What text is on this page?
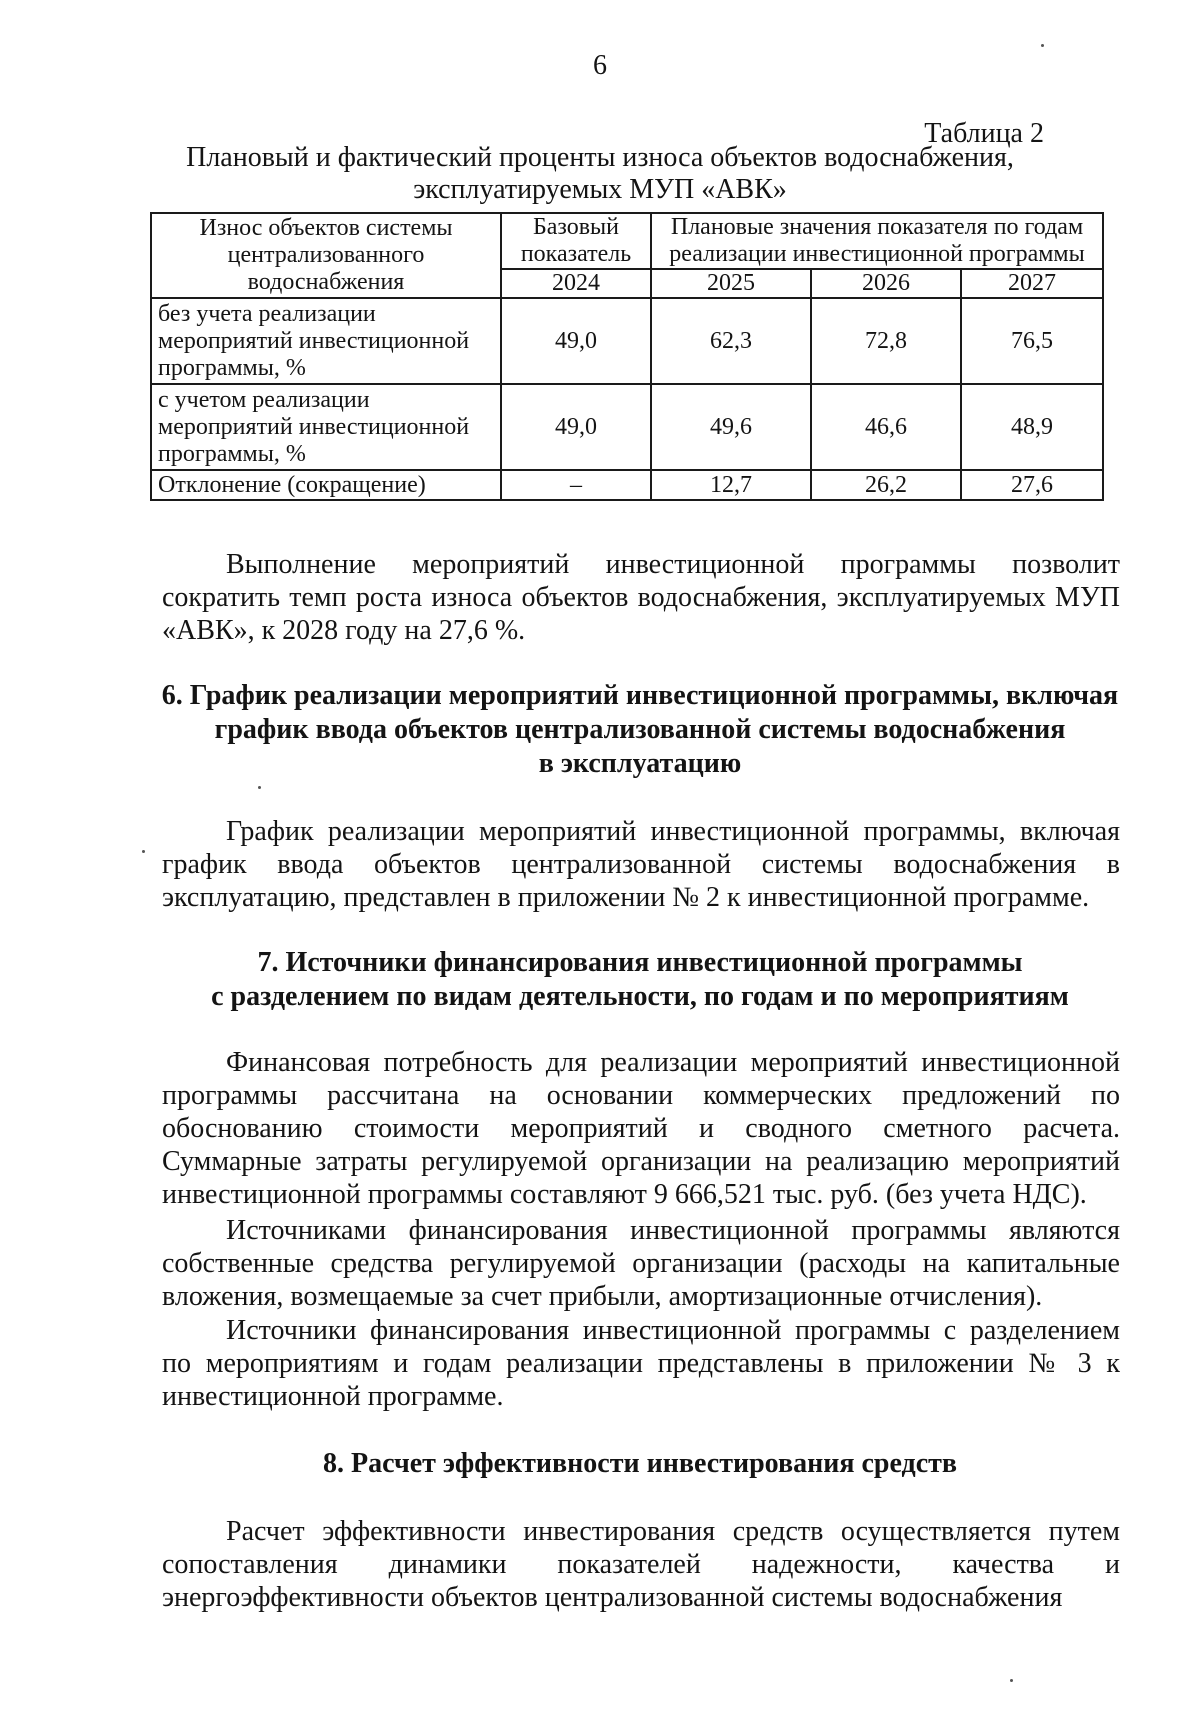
6
Таблица 2
Плановый и фактический проценты износа объектов водоснабжения,
эксплуатируемых МУП «АВК»
Износ объектов системы централизованного водоснабжения	Базовый показатель	Плановые значения показателя по годам реализации инвестиционной программы		
	2024	2025	2026	2027
без учета реализации мероприятий инвестиционной программы, %	49,0	62,3	72,8	76,5
с учетом реализации мероприятий инвестиционной программы, %	49,0	49,6	46,6	48,9
Отклонение (сокращение)	–	12,7	26,2	27,6
Выполнение мероприятий инвестиционной программы позволит сократить темп роста износа объектов водоснабжения, эксплуатируемых МУП «АВК», к 2028 году на 27,6 %.
6. График реализации мероприятий инвестиционной программы, включая
график ввода объектов централизованной системы водоснабжения
в эксплуатацию
График реализации мероприятий инвестиционной программы, включая график ввода объектов централизованной системы водоснабжения в эксплуатацию, представлен в приложении № 2 к инвестиционной программе.
7. Источники финансирования инвестиционной программы
с разделением по видам деятельности, по годам и по мероприятиям
Финансовая потребность для реализации мероприятий инвестиционной программы рассчитана на основании коммерческих предложений по обоснованию стоимости мероприятий и сводного сметного расчета. Суммарные затраты регулируемой организации на реализацию мероприятий инвестиционной программы составляют 9 666,521 тыс. руб. (без учета НДС).
Источниками финансирования инвестиционной программы являются собственные средства регулируемой организации (расходы на капитальные вложения, возмещаемые за счет прибыли, амортизационные отчисления).
Источники финансирования инвестиционной программы с разделением по мероприятиям и годам реализации представлены в приложении № 3 к инвестиционной программе.
8. Расчет эффективности инвестирования средств
Расчет эффективности инвестирования средств осуществляется путем сопоставления динамики показателей надежности, качества и энергоэффективности объектов централизованной системы водоснабжения
